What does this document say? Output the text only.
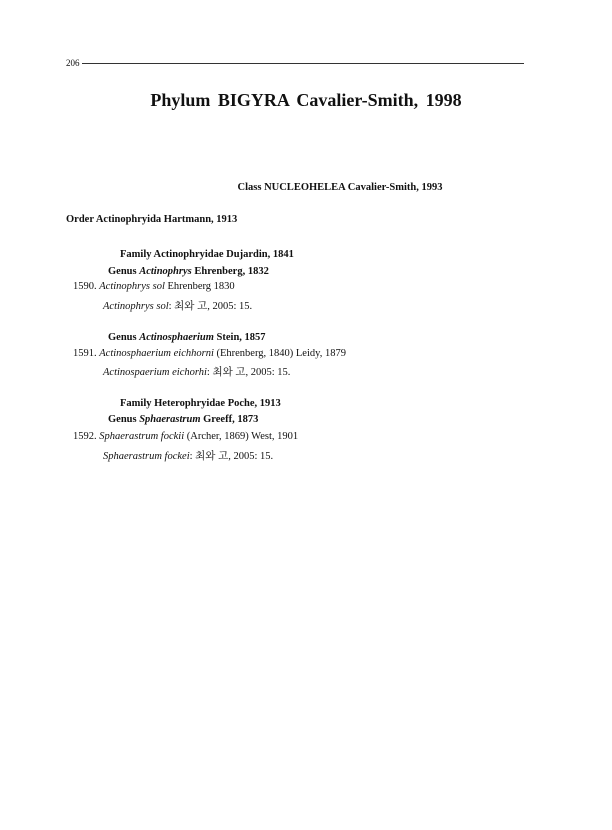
206
Phylum BIGYRA Cavalier-Smith, 1998
Class NUCLEOHELEA Cavalier-Smith, 1993
Order Actinophryida Hartmann, 1913
Family Actinophryidae Dujardin, 1841
Genus Actinophrys Ehrenberg, 1832
1590. Actinophrys sol Ehrenberg 1830
Actinophrys sol: 최와 고, 2005: 15.
Genus Actinosphaerium Stein, 1857
1591. Actinosphaerium eichhorni (Ehrenberg, 1840) Leidy, 1879
Actinospaerium eichorhi: 최와 고, 2005: 15.
Family Heterophryidae Poche, 1913
Genus Sphaerastrum Greeff, 1873
1592. Sphaerastrum fockii (Archer, 1869) West, 1901
Sphaerastrum fockei: 최와 고, 2005: 15.
